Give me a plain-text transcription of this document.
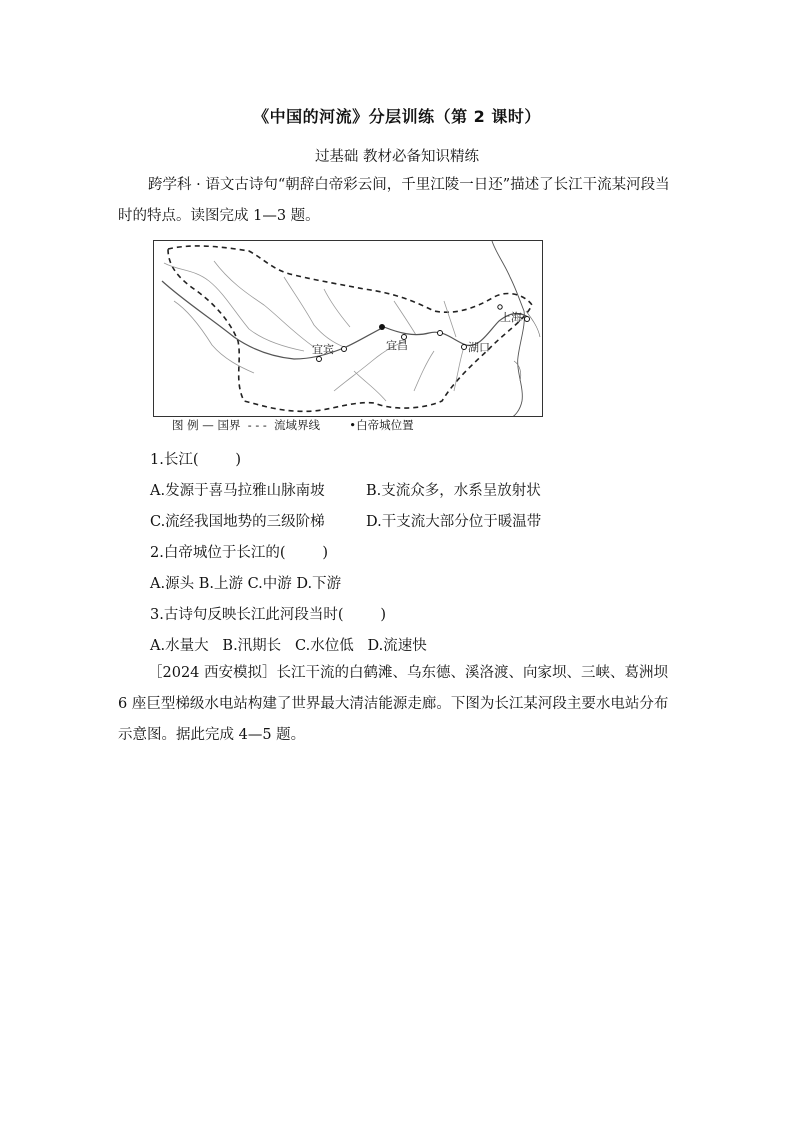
《中国的河流》分层训练（第 2 课时）
过基础 教材必备知识精练
跨学科 · 语文古诗句“朝辞白帝彩云间，千里江陵一日还”描述了长江干流某河段当时的特点。读图完成 1—3 题。
宜宾	宜昌	湖口
上海
图 例 — 国界  - - -  流域界线        •白帝城位置
1.长江(        )
A.发源于喜马拉雅山脉南坡	B.支流众多，水系呈放射状
C.流经我国地势的三级阶梯	D.干支流大部分位于暖温带
2.白帝城位于长江的(        )
A.源头 B.上游 C.中游 D.下游
3.古诗句反映长江此河段当时(        )
A.水量大 B.汛期长 C.水位低 D.流速快
［2024 西安模拟］长江干流的白鹤滩、乌东德、溪洛渡、向家坝、三峡、葛洲坝 6 座巨型梯级水电站构建了世界最大清洁能源走廊。下图为长江某河段主要水电站分布示意图。据此完成 4—5 题。
